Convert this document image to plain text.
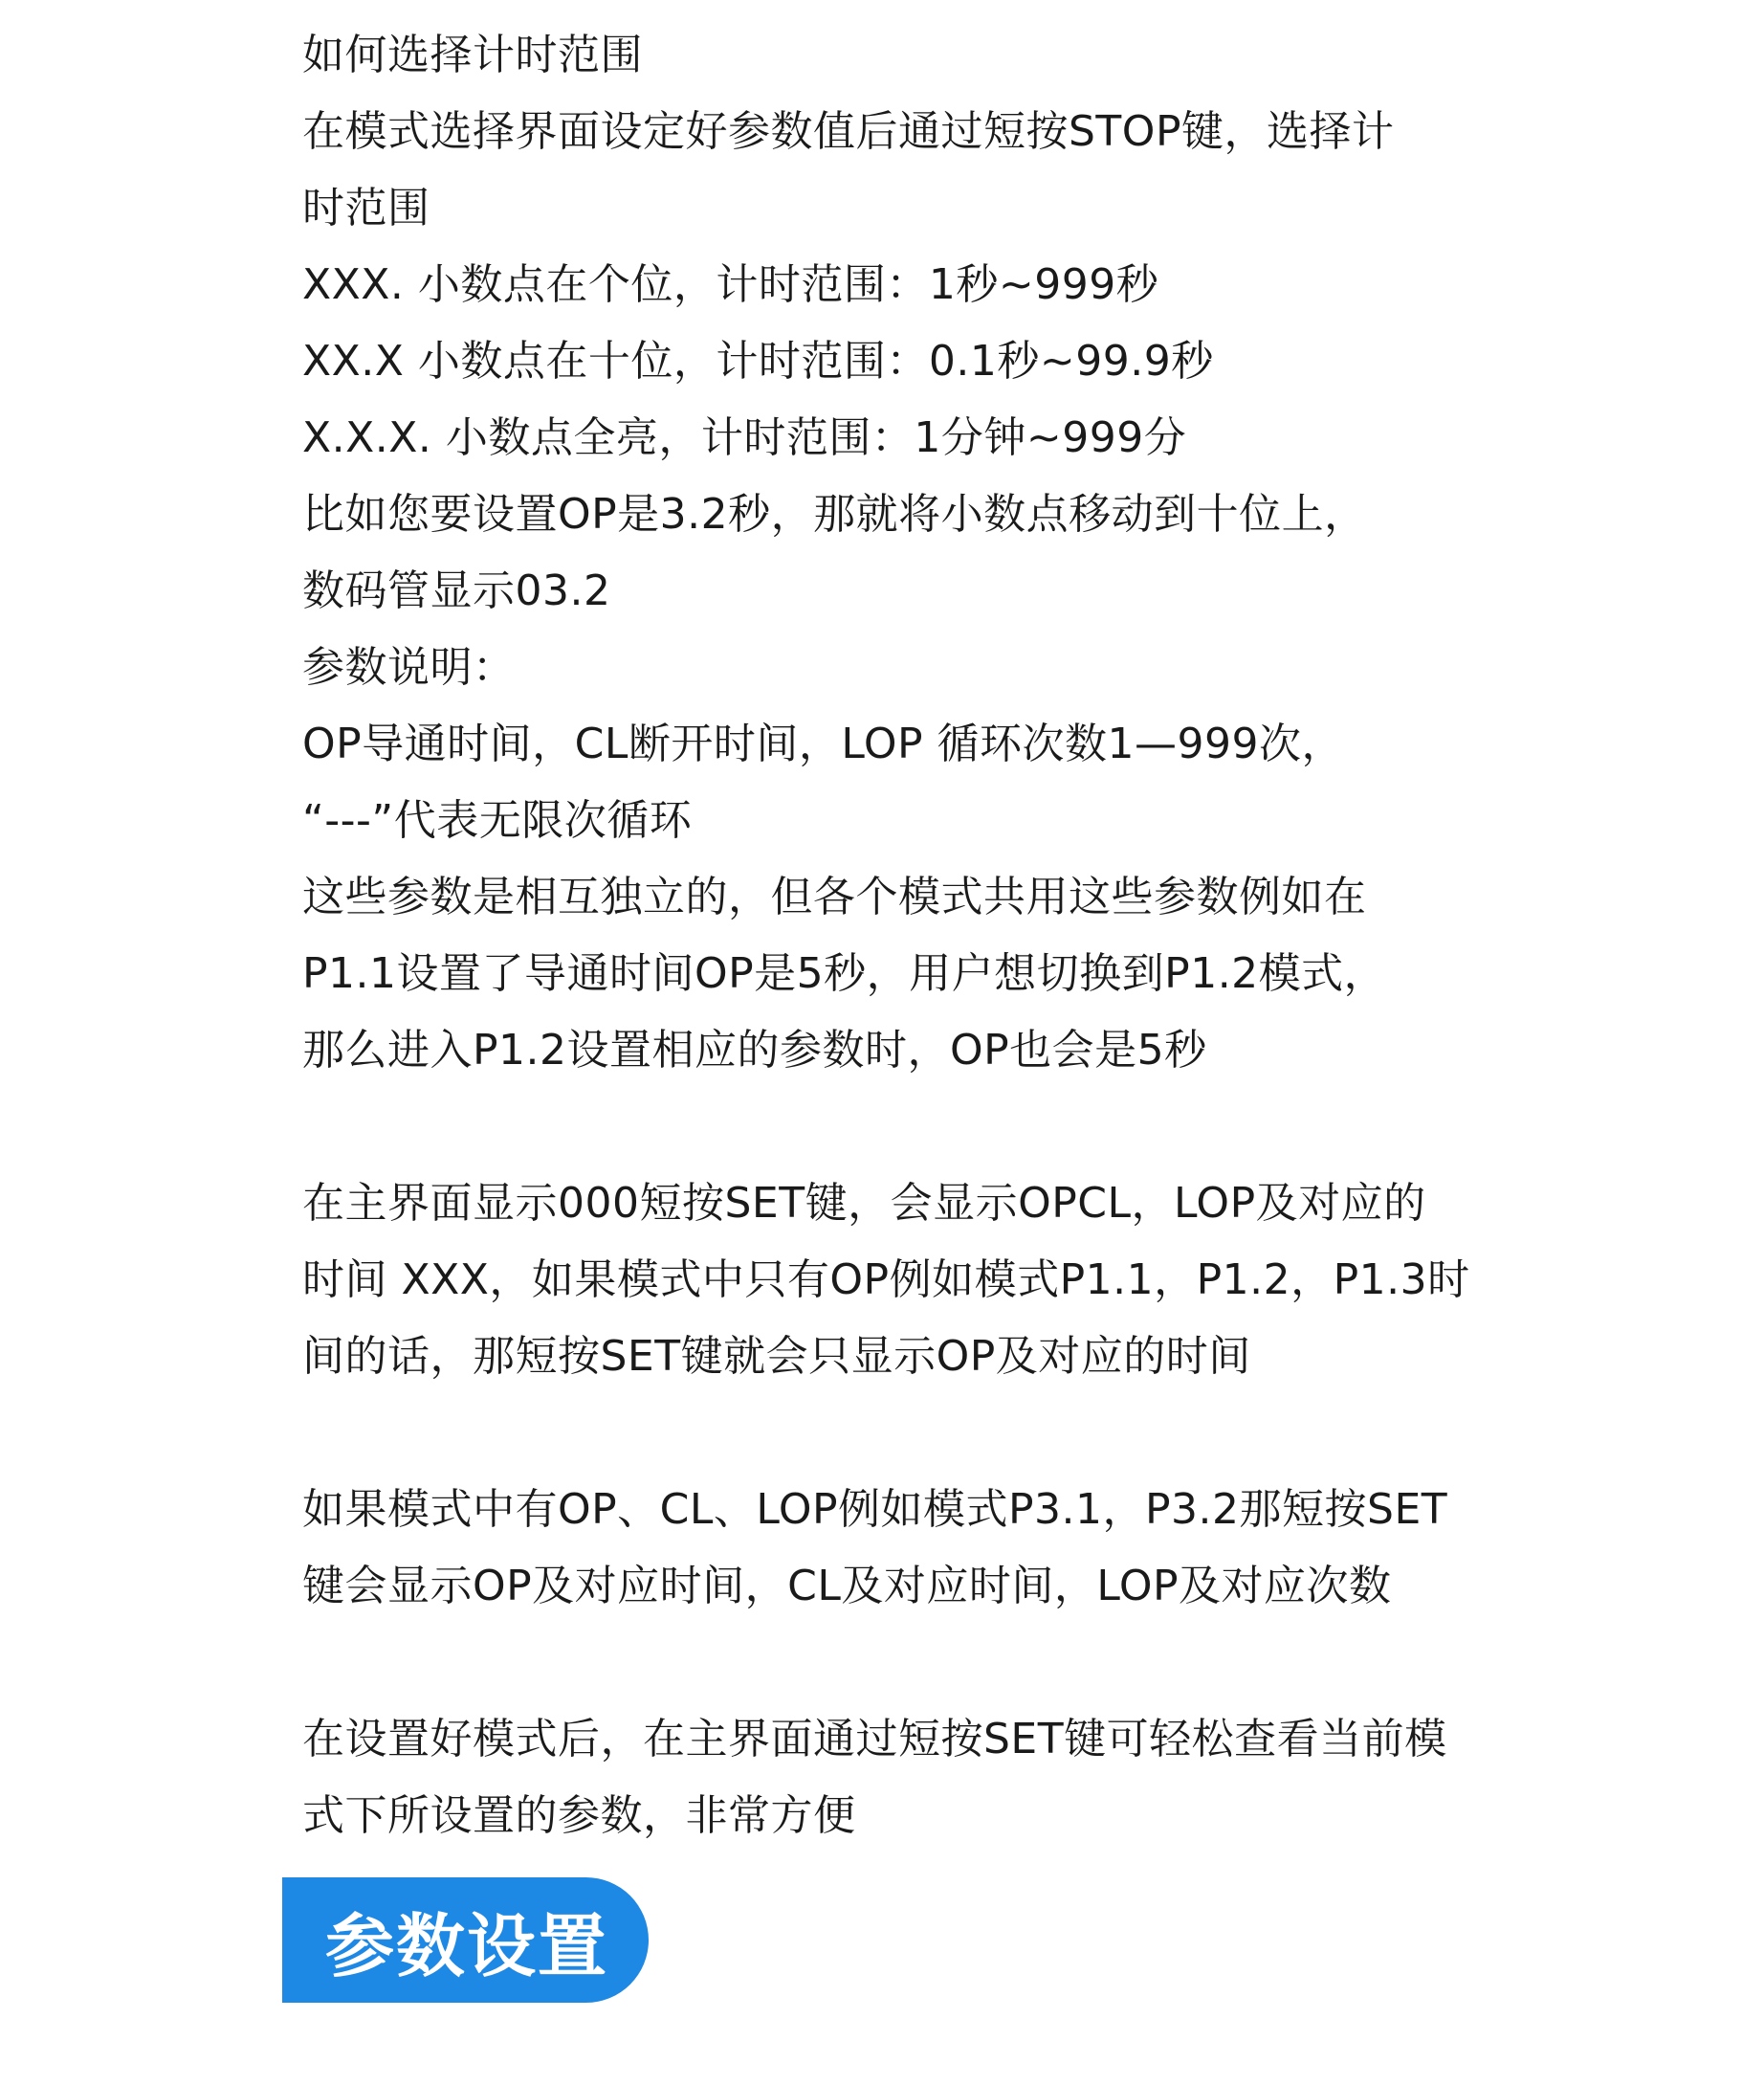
如何选择计时范围
在模式选择界面设定好参数值后通过短按STOP键，选择计
时范围
XXX. 小数点在个位，计时范围：1秒~999秒
XX.X 小数点在十位，计时范围：0.1秒~99.9秒
X.X.X. 小数点全亮，计时范围：1分钟~999分
比如您要设置OP是3.2秒，那就将小数点移动到十位上，
数码管显示03.2
参数说明：
OP导通时间，CL断开时间，LOP 循环次数1—999次，
“---”代表无限次循环
这些参数是相互独立的，但各个模式共用这些参数例如在
P1.1设置了导通时间OP是5秒，用户想切换到P1.2模式，
那么进入P1.2设置相应的参数时，OP也会是5秒
在主界面显示000短按SET键，会显示OPCL，LOP及对应的
时间 XXX，如果模式中只有OP例如模式P1.1，P1.2，P1.3时
间的话，那短按SET键就会只显示OP及对应的时间
如果模式中有OP、CL、LOP例如模式P3.1，P3.2那短按SET
键会显示OP及对应时间，CL及对应时间，LOP及对应次数
在设置好模式后，在主界面通过短按SET键可轻松查看当前模
式下所设置的参数，非常方便
参数设置
